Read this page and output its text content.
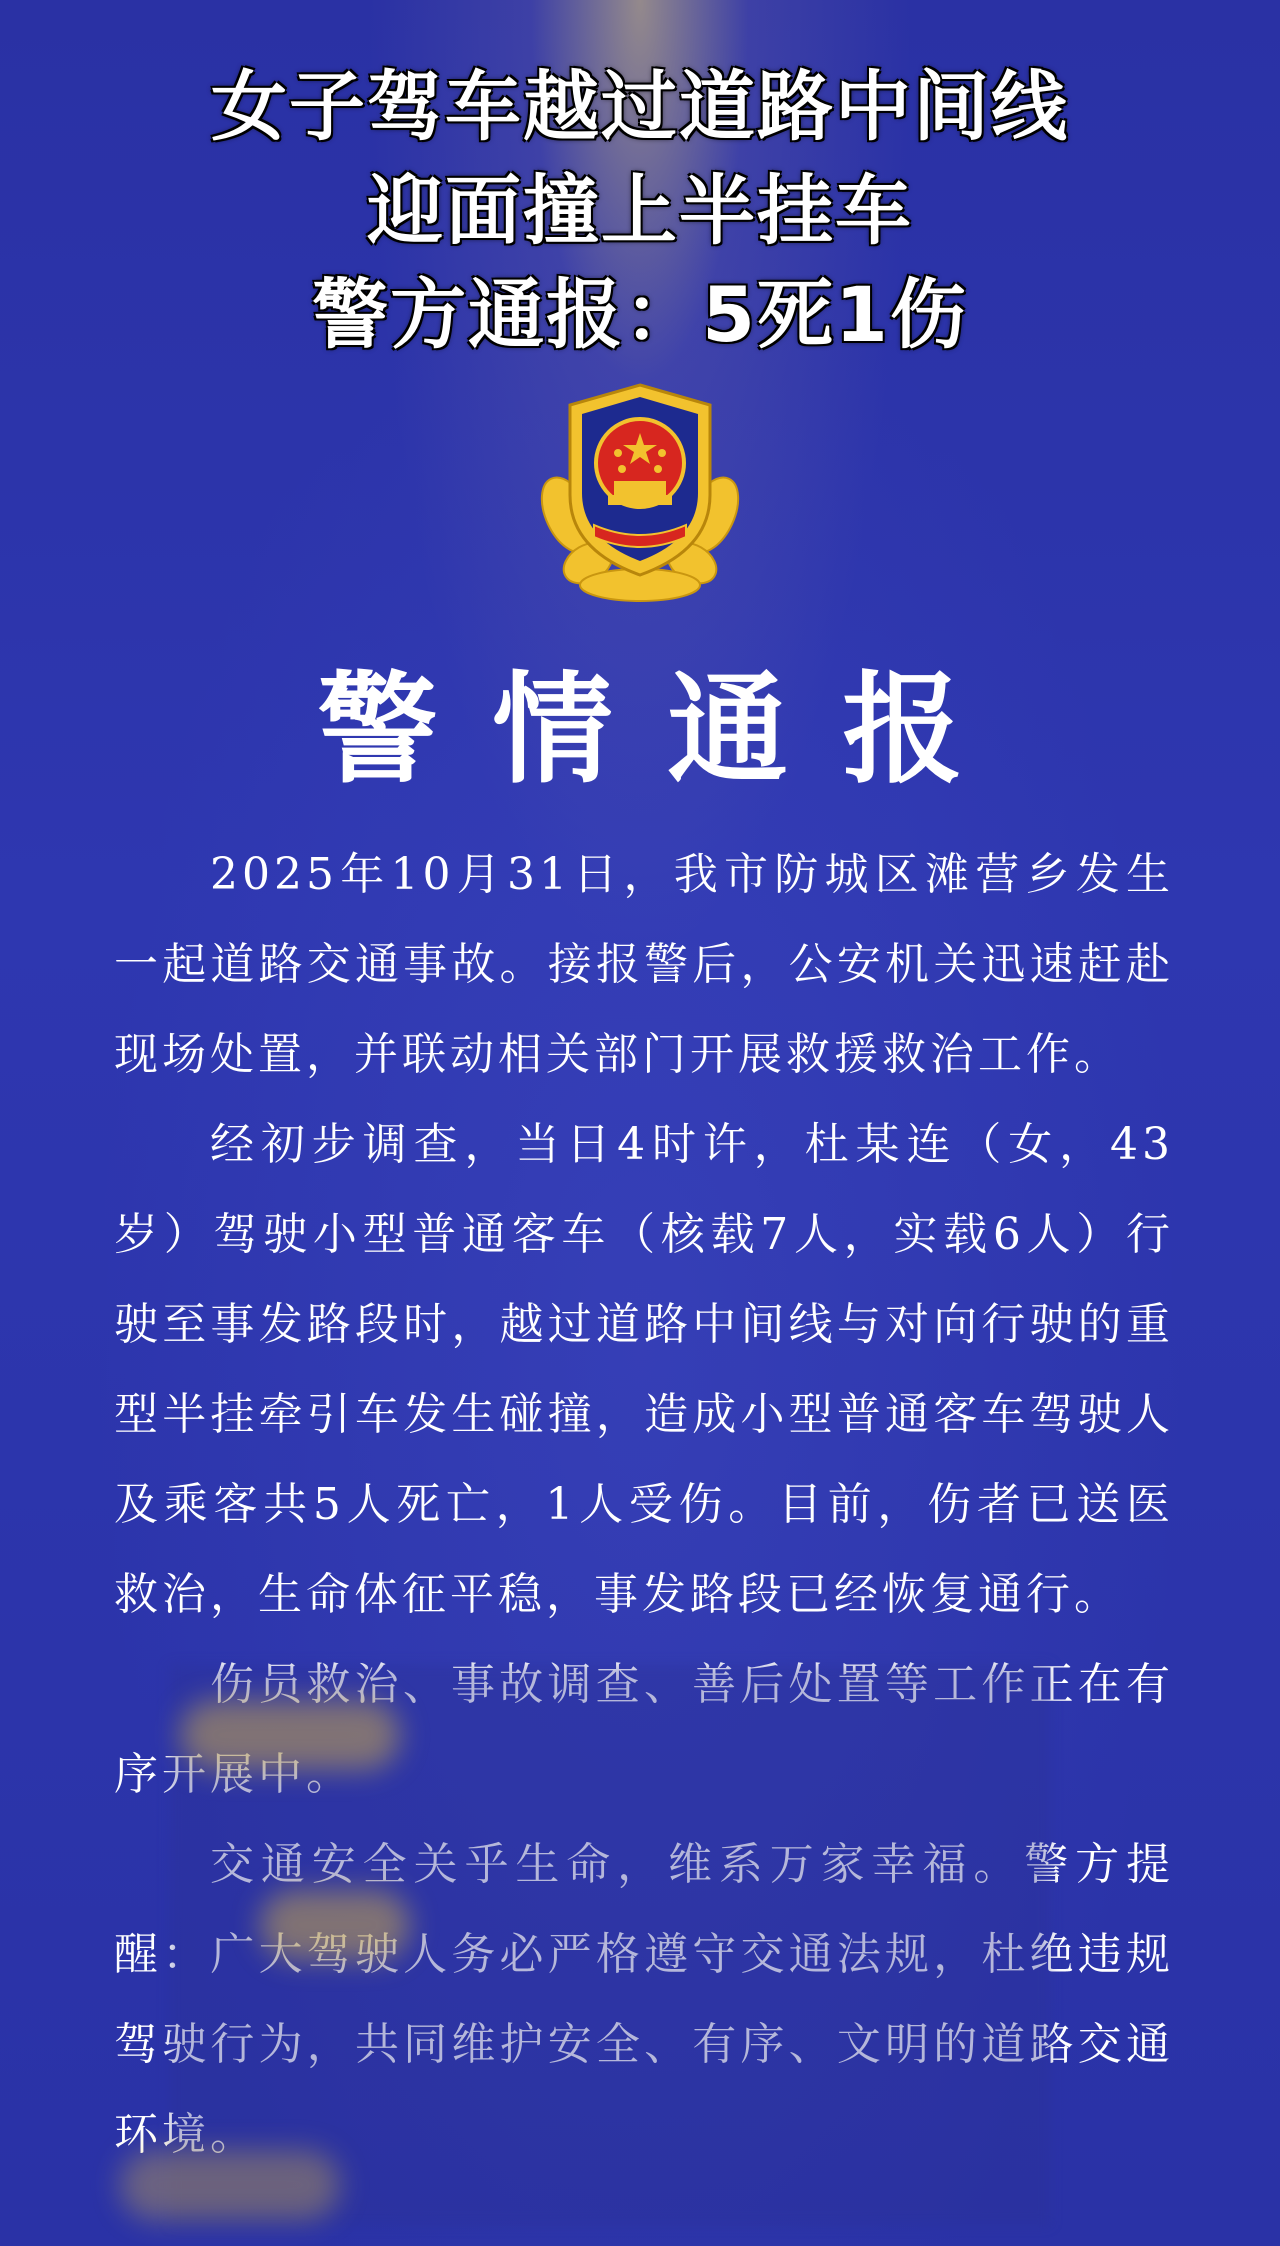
女子驾车越过道路中间线
迎面撞上半挂车
警方通报：5死1伤
警情通报

2025年10月31日，我市防城区滩营乡发生一起道路交通事故。接报警后，公安机关迅速赶赴现场处置，并联动相关部门开展救援救治工作。

经初步调查，当日4时许，杜某连（女，43岁）驾驶小型普通客车（核载7人，实载6人）行驶至事发路段时，越过道路中间线与对向行驶的重型半挂牵引车发生碰撞，造成小型普通客车驾驶人及乘客共5人死亡，1人受伤。目前，伤者已送医救治，生命体征平稳，事发路段已经恢复通行。

伤员救治、事故调查、善后处置等工作正在有序开展中。

交通安全关乎生命，维系万家幸福。警方提醒：广大驾驶人务必严格遵守交通法规，杜绝违规驾驶行为，共同维护安全、有序、文明的道路交通环境。
